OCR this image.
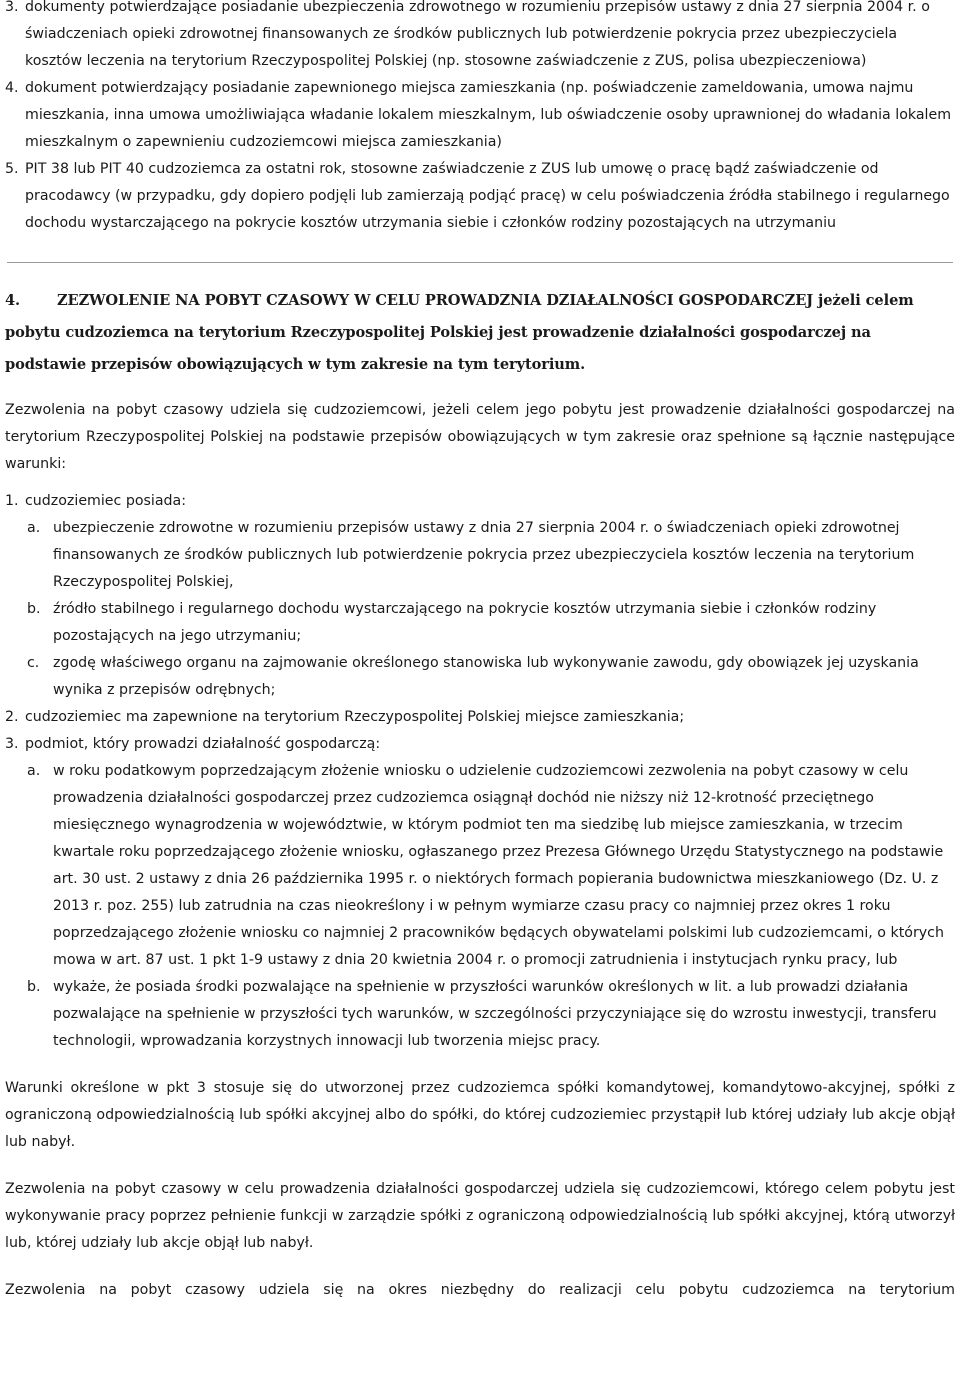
3. dokumenty potwierdzające posiadanie ubezpieczenia zdrowotnego w rozumieniu przepisów ustawy z dnia 27 sierpnia 2004 r. o świadczeniach opieki zdrowotnej finansowanych ze środków publicznych lub potwierdzenie pokrycia przez ubezpieczyciela kosztów leczenia na terytorium Rzeczypospolitej Polskiej (np. stosowne zaświadczenie z ZUS, polisa ubezpieczeniowa)
4. dokument potwierdzający posiadanie zapewnionego miejsca zamieszkania (np. poświadczenie zameldowania, umowa najmu mieszkania, inna umowa umożliwiająca władanie lokalem mieszkalnym, lub oświadczenie osoby uprawnionej do władania lokalem mieszkalnym o zapewnieniu cudzoziemcowi miejsca zamieszkania)
5. PIT 38 lub PIT 40 cudzoziemca za ostatni rok, stosowne zaświadczenie z ZUS lub umowę o pracę bądź zaświadczenie od pracodawcy (w przypadku, gdy dopiero podjęli lub zamierzają podjąć pracę) w celu poświadczenia źródła stabilnego i regularnego dochodu wystarczającego na pokrycie kosztów utrzymania siebie i członków rodziny pozostających na utrzymaniu
4.	ZEZWOLENIE NA POBYT CZASOWY W CELU PROWADZNIA DZIAŁALNOŚCI GOSPODARCZEJ jeżeli celem pobytu cudzoziemca na terytorium Rzeczypospolitej Polskiej jest prowadzenie działalności gospodarczej na podstawie przepisów obowiązujących w tym zakresie na tym terytorium.

Zezwolenia na pobyt czasowy udziela się cudzoziemcowi, jeżeli celem jego pobytu jest prowadzenie działalności gospodarczej na terytorium Rzeczypospolitej Polskiej na podstawie przepisów obowiązujących w tym zakresie oraz spełnione są łącznie następujące warunki:

1. cudzoziemiec posiada:
a. ubezpieczenie zdrowotne w rozumieniu przepisów ustawy z dnia 27 sierpnia 2004 r. o świadczeniach opieki zdrowotnej finansowanych ze środków publicznych lub potwierdzenie pokrycia przez ubezpieczyciela kosztów leczenia na terytorium Rzeczypospolitej Polskiej,
b. źródło stabilnego i regularnego dochodu wystarczającego na pokrycie kosztów utrzymania siebie i członków rodziny pozostających na jego utrzymaniu;
c. zgodę właściwego organu na zajmowanie określonego stanowiska lub wykonywanie zawodu, gdy obowiązek jej uzyskania wynika z przepisów odrębnych;
2. cudzoziemiec ma zapewnione na terytorium Rzeczypospolitej Polskiej miejsce zamieszkania;
3. podmiot, który prowadzi działalność gospodarczą:
a. w roku podatkowym poprzedzającym złożenie wniosku o udzielenie cudzoziemcowi zezwolenia na pobyt czasowy w celu prowadzenia działalności gospodarczej przez cudzoziemca osiągnął dochód nie niższy niż 12-krotność przeciętnego miesięcznego wynagrodzenia w województwie, w którym podmiot ten ma siedzibę lub miejsce zamieszkania, w trzecim kwartale roku poprzedzającego złożenie wniosku, ogłaszanego przez Prezesa Głównego Urzędu Statystycznego na podstawie art. 30 ust. 2 ustawy z dnia 26 października 1995 r. o niektórych formach popierania budownictwa mieszkaniowego (Dz. U. z 2013 r. poz. 255) lub zatrudnia na czas nieokreślony i w pełnym wymiarze czasu pracy co najmniej przez okres 1 roku poprzedzającego złożenie wniosku co najmniej 2 pracowników będących obywatelami polskimi lub cudzoziemcami, o których mowa w art. 87 ust. 1 pkt 1-9 ustawy z dnia 20 kwietnia 2004 r. o promocji zatrudnienia i instytucjach rynku pracy, lub
b. wykaże, że posiada środki pozwalające na spełnienie w przyszłości warunków określonych w lit. a lub prowadzi działania pozwalające na spełnienie w przyszłości tych warunków, w szczególności przyczyniające się do wzrostu inwestycji, transferu technologii, wprowadzania korzystnych innowacji lub tworzenia miejsc pracy.

Warunki określone w pkt 3 stosuje się do utworzonej przez cudzoziemca spółki komandytowej, komandytowo-akcyjnej, spółki z ograniczoną odpowiedzialnością lub spółki akcyjnej albo do spółki, do której cudzoziemiec przystąpił lub której udziały lub akcje objął lub nabył.

Zezwolenia na pobyt czasowy w celu prowadzenia działalności gospodarczej udziela się cudzoziemcowi, którego celem pobytu jest wykonywanie pracy poprzez pełnienie funkcji w zarządzie spółki z ograniczoną odpowiedzialnością lub spółki akcyjnej, którą utworzył lub, której udziały lub akcje objął lub nabył.

Zezwolenia na pobyt czasowy udziela się na okres niezbędny do realizacji celu pobytu cudzoziemca na terytorium
